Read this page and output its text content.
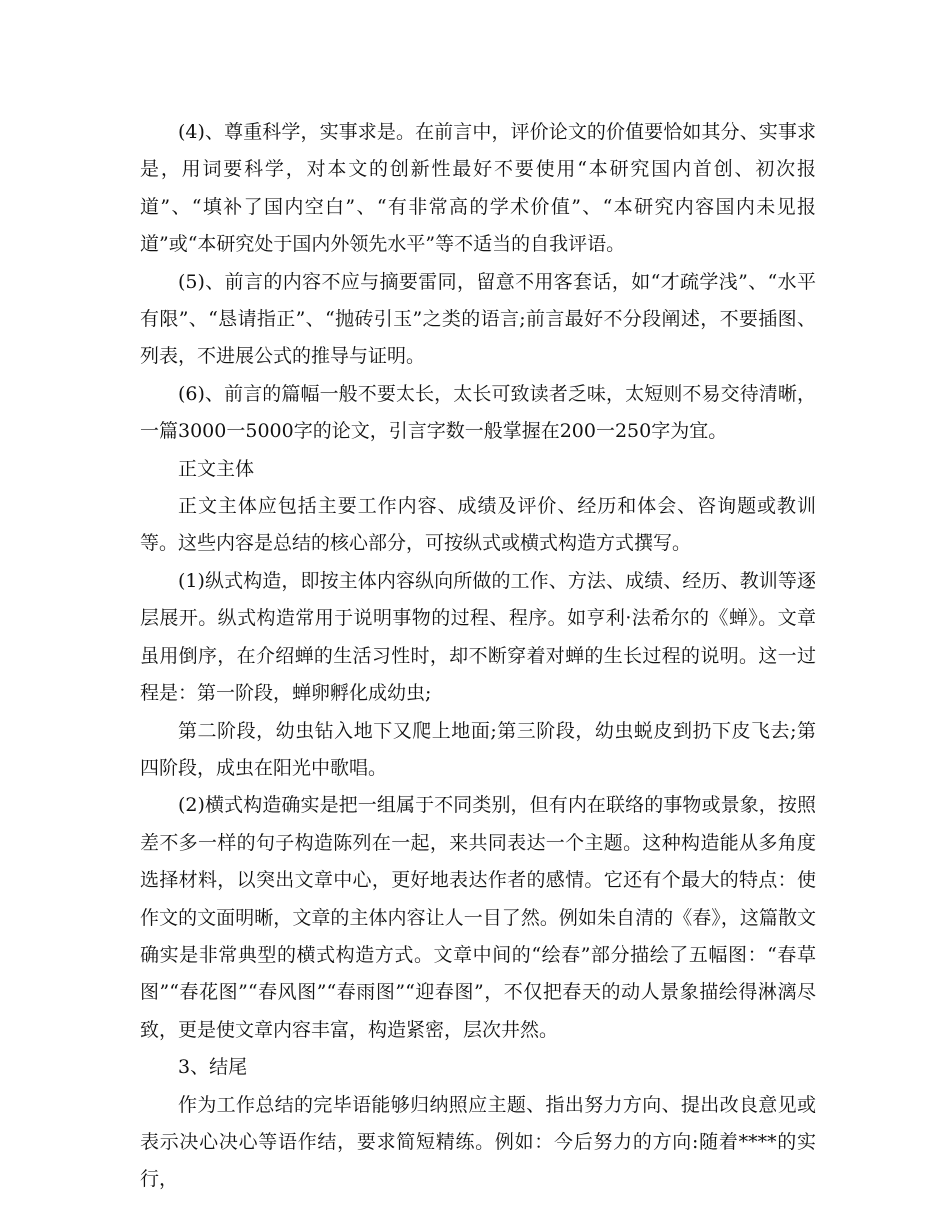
(4)、尊重科学，实事求是。在前言中，评价论文的价值要恰如其分、实事求是，用词要科学，对本文的创新性最好不要使用“本研究国内首创、初次报道”、“填补了国内空白”、“有非常高的学术价值”、“本研究内容国内未见报道”或“本研究处于国内外领先水平”等不适当的自我评语。

(5)、前言的内容不应与摘要雷同，留意不用客套话，如“才疏学浅”、“水平有限”、“恳请指正”、“抛砖引玉”之类的语言;前言最好不分段阐述，不要插图、列表，不进展公式的推导与证明。

(6)、前言的篇幅一般不要太长，太长可致读者乏味，太短则不易交待清晰，一篇3000一5000字的论文，引言字数一般掌握在200一250字为宜。

正文主体

正文主体应包括主要工作内容、成绩及评价、经历和体会、咨询题或教训等。这些内容是总结的核心部分，可按纵式或横式构造方式撰写。

(1)纵式构造，即按主体内容纵向所做的工作、方法、成绩、经历、教训等逐层展开。纵式构造常用于说明事物的过程、程序。如亨利·法希尔的《蝉》。文章虽用倒序，在介绍蝉的生活习性时，却不断穿着对蝉的生长过程的说明。这一过程是：第一阶段，蝉卵孵化成幼虫;

第二阶段，幼虫钻入地下又爬上地面;第三阶段，幼虫蜕皮到扔下皮飞去;第四阶段，成虫在阳光中歌唱。

(2)横式构造确实是把一组属于不同类别，但有内在联络的事物或景象，按照差不多一样的句子构造陈列在一起，来共同表达一个主题。这种构造能从多角度选择材料，以突出文章中心，更好地表达作者的感情。它还有个最大的特点：使作文的文面明晰，文章的主体内容让人一目了然。例如朱自清的《春》，这篇散文确实是非常典型的横式构造方式。文章中间的“绘春”部分描绘了五幅图：“春草图”“春花图”“春风图”“春雨图”“迎春图”，不仅把春天的动人景象描绘得淋漓尽致，更是使文章内容丰富，构造紧密，层次井然。

3、结尾

作为工作总结的完毕语能够归纳照应主题、指出努力方向、提出改良意见或表示决心决心等语作结，要求简短精练。例如：今后努力的方向:随着****的实行，
